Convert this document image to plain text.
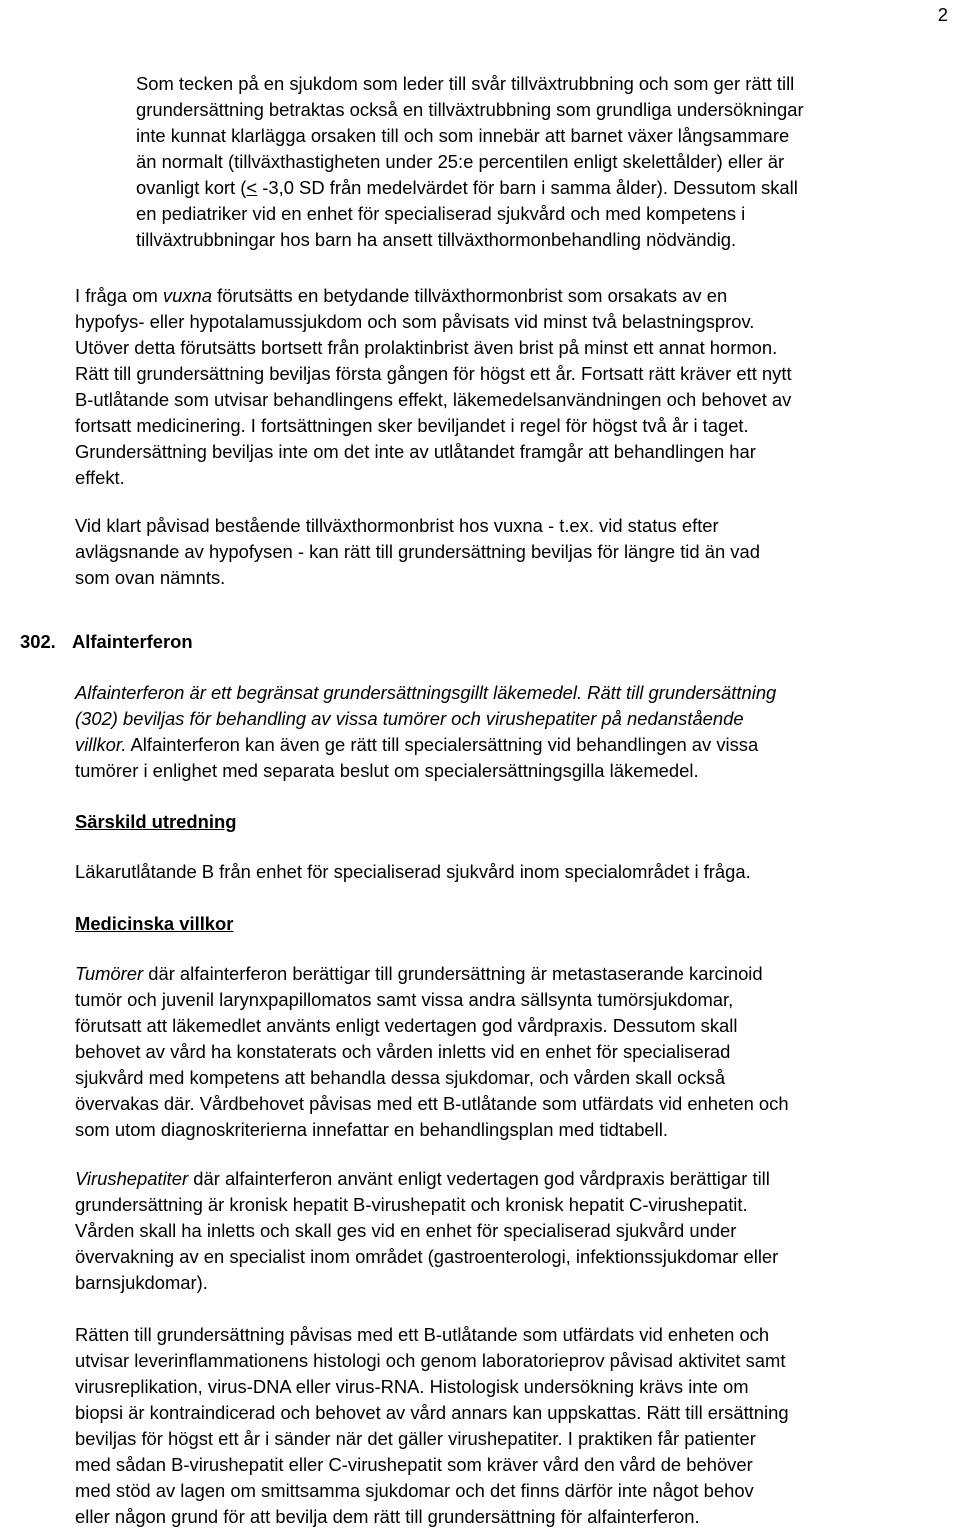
2

Som tecken på en sjukdom som leder till svår tillväxtrubbning och som ger rätt till

grundersättning betraktas också en tillväxtrubbning som grundliga undersökningar

inte kunnat klarlägga orsaken till och som innebär att barnet växer långsammare

än normalt (tillväxthastigheten under 25:e percentilen enligt skelettålder) eller är

ovanligt kort (< -3,0 SD från medelvärdet för barn i samma ålder). Dessutom skall

en pediatriker vid en enhet för specialiserad sjukvård och med kompetens i

tillväxtrubbningar hos barn ha ansett tillväxthormonbehandling nödvändig.

I fråga om vuxna förutsätts en betydande tillväxthormonbrist som orsakats av en

hypofys- eller hypotalamussjukdom och som påvisats vid minst två belastningsprov.

Utöver detta förutsätts bortsett från prolaktinbrist även brist på minst ett annat hormon.

Rätt till grundersättning beviljas första gången för högst ett år. Fortsatt rätt kräver ett nytt

B-utlåtande som utvisar behandlingens effekt, läkemedelsanvändningen och behovet av

fortsatt medicinering. I fortsättningen sker beviljandet i regel för högst två år i taget.

Grundersättning beviljas inte om det inte av utlåtandet framgår att behandlingen har

effekt.

Vid klart påvisad bestående tillväxthormonbrist hos vuxna - t.ex. vid status efter

avlägsnande av hypofysen - kan rätt till grundersättning beviljas för längre tid än vad

som ovan nämnts.

302. Alfainterferon

Alfainterferon är ett begränsat grundersättningsgillt läkemedel. Rätt till grundersättning

(302) beviljas för behandling av vissa tumörer och virushepatiter på nedanstående

villkor. Alfainterferon kan även ge rätt till specialersättning vid behandlingen av vissa

tumörer i enlighet med separata beslut om specialersättningsgilla läkemedel.

Särskild utredning

Läkarutlåtande B från enhet för specialiserad sjukvård inom specialområdet i fråga.

Medicinska villkor

Tumörer där alfainterferon berättigar till grundersättning är metastaserande karcinoid

tumör och juvenil larynxpapillomatos samt vissa andra sällsynta tumörsjukdomar,

förutsatt att läkemedlet använts enligt vedertagen god vårdpraxis. Dessutom skall

behovet av vård ha konstaterats och vården inletts vid en enhet för specialiserad

sjukvård med kompetens att behandla dessa sjukdomar, och vården skall också

övervakas där. Vårdbehovet påvisas med ett B-utlåtande som utfärdats vid enheten och

som utom diagnoskriterierna innefattar en behandlingsplan med tidtabell.

Virushepatiter där alfainterferon använt enligt vedertagen god vårdpraxis berättigar till

grundersättning är kronisk hepatit B-virushepatit och kronisk hepatit C-virushepatit.

Vården skall ha inletts och skall ges vid en enhet för specialiserad sjukvård under

övervakning av en specialist inom området (gastroenterologi, infektionssjukdomar eller

barnsjukdomar).

Rätten till grundersättning påvisas med ett B-utlåtande som utfärdats vid enheten och

utvisar leverinflammationens histologi och genom laboratorieprov påvisad aktivitet samt

virusreplikation, virus-DNA eller virus-RNA. Histologisk undersökning krävs inte om

biopsi är kontraindicerad och behovet av vård annars kan uppskattas. Rätt till ersättning

beviljas för högst ett år i sänder när det gäller virushepatiter. I praktiken får patienter

med sådan B-virushepatit eller C-virushepatit som kräver vård den vård de behöver

med stöd av lagen om smittsamma sjukdomar och det finns därför inte något behov

eller någon grund för att bevilja dem rätt till grundersättning för alfainterferon.
